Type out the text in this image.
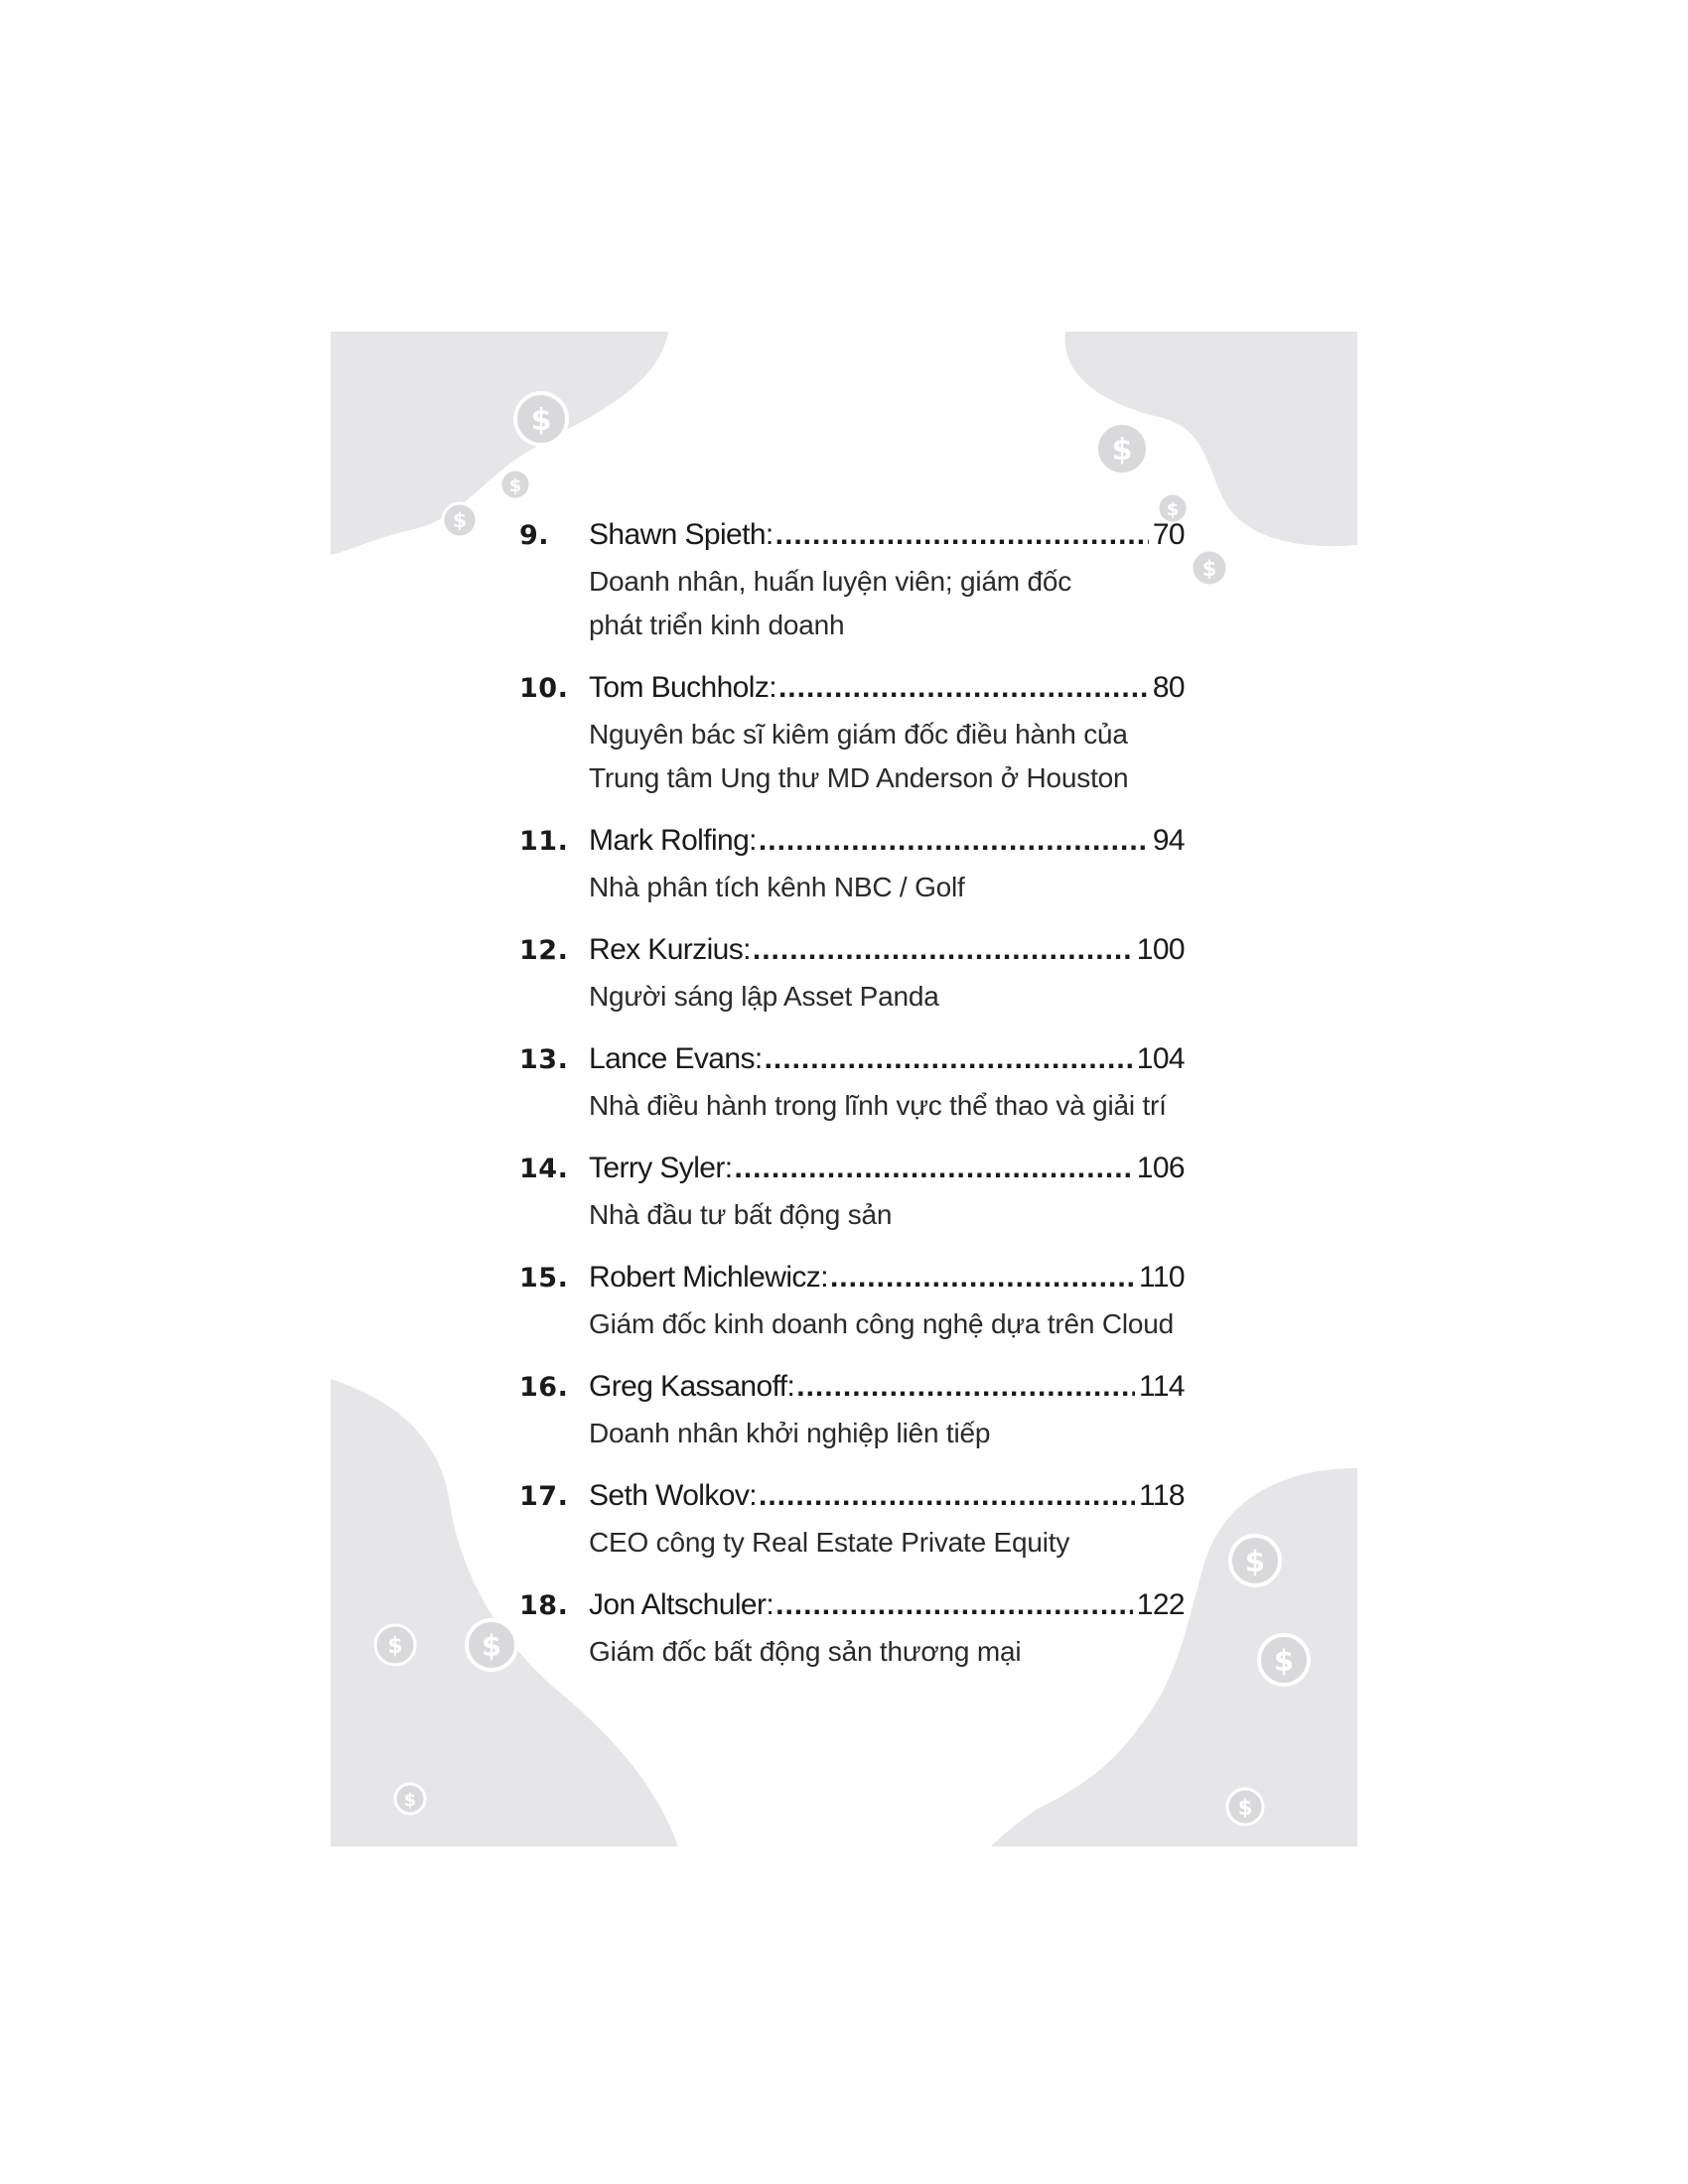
$
$
$
$
$
$
$
$
$
$	$
$
9.	Shawn Spieth: .....	70
Doanh nhân, huấn luyện viên; giám đốc
phát triển kinh doanh
10. Tom Buchholz: .....	80
Nguyên bác sĩ kiêm giám đốc điều hành của
Trung tâm Ung thư MD Anderson ở Houston
11. Mark Rolfing: .....	94
Nhà phân tích kênh NBC / Golf
12. Rex Kurzius: .....	100
Người sáng lập Asset Panda
13. Lance Evans: .....	104
Nhà điều hành trong lĩnh vực thể thao và giải trí
14. Terry Syler: .....	106
Nhà đầu tư bất động sản
15. Robert Michlewicz: .....	110
Giám đốc kinh doanh công nghệ dựa trên Cloud
16. Greg Kassanoff: .....	114
Doanh nhân khởi nghiệp liên tiếp
17. Seth Wolkov: .....	118
CEO công ty Real Estate Private Equity
18. Jon Altschuler: .....	122
Giám đốc bất động sản thương mại
